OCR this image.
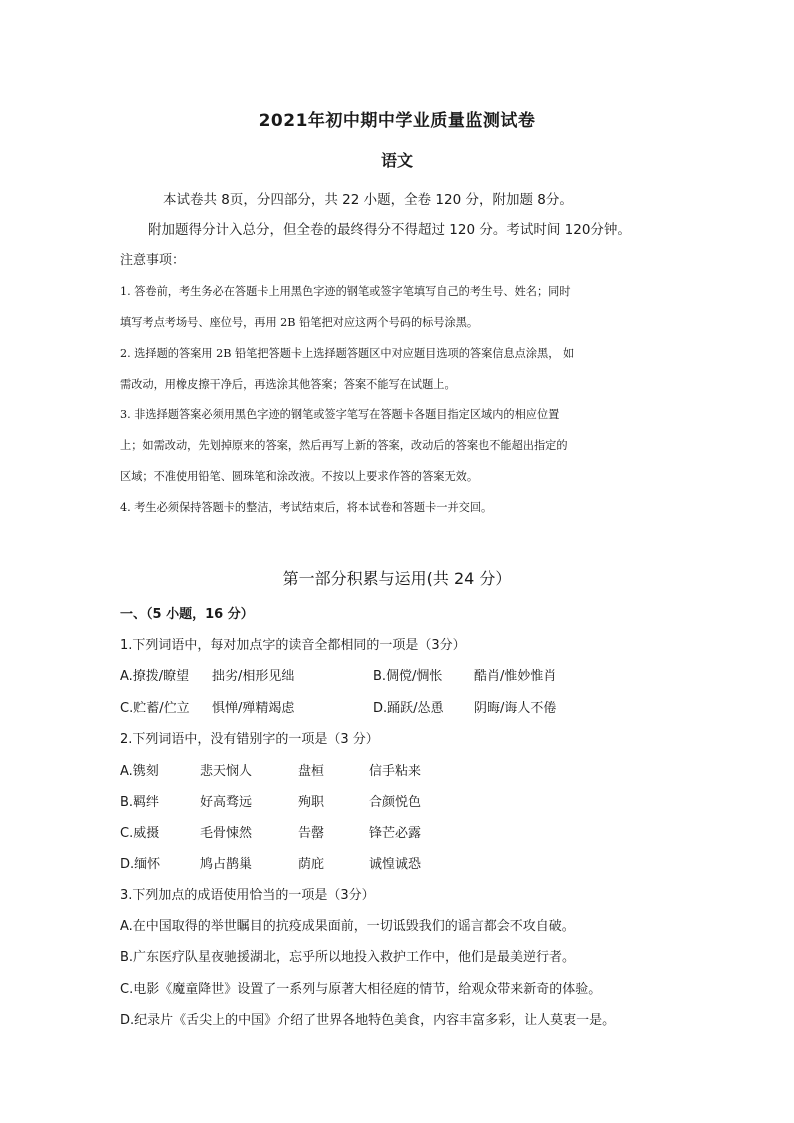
2021年初中期中学业质量监测试卷
语文
本试卷共 8页，分四部分，共 22 小题，全卷 120 分，附加题 8分。
附加题得分计入总分，但全卷的最终得分不得超过 120 分。考试时间 120分钟。
注意事项：
1. 答卷前，考生务必在答题卡上用黑色字迹的钢笔或签字笔填写自己的考生号、姓名；同时
填写考点考场号、座位号，再用 2B 铅笔把对应这两个号码的标号涂黑。
2. 选择题的答案用 2B 铅笔把答题卡上选择题答题区中对应题目选项的答案信息点涂黑， 如
需改动，用橡皮擦干净后，再选涂其他答案；答案不能写在试题上。
3. 非选择题答案必须用黑色字迹的钢笔或签字笔写在答题卡各题目指定区域内的相应位置
上；如需改动，先划掉原来的答案，然后再写上新的答案，改动后的答案也不能超出指定的
区域；不准使用铅笔、圆珠笔和涂改液。不按以上要求作答的答案无效。
4. 考生必须保持答题卡的整洁，考试结束后，将本试卷和答题卡一并交回。
第一部分积累与运用(共 24 分）
一、（5 小题，16 分）
1.下列词语中，每对加点字的读音全都相同的一项是（3分）
A.撩拨/瞭望 拙劣/相形见绌	B.倜傥/惆怅 酷肖/惟妙惟肖
C.贮蓄/伫立 惧惮/殚精竭虑	D.踊跃/怂恿 阴晦/诲人不倦
2.下列词语中，没有错别字的一项是（3 分）
A.镌刻	悲天悯人	盘桓	信手粘来
B.羁绊	好高骛远	殉职	合颜悦色
C.威摄	毛骨悚然	告罄	锋芒必露
D.缅怀	鸠占鹊巢	荫庇	诚惶诚恐
3.下列加点的成语使用恰当的一项是（3分）
A.在中国取得的举世瞩目的抗疫成果面前，一切诋毁我们的谣言都会不攻自破。
B.广东医疗队星夜驰援湖北，忘乎所以地投入救护工作中，他们是最美逆行者。
C.电影《魔童降世》设置了一系列与原著大相径庭的情节，给观众带来新奇的体验。
D.纪录片《舌尖上的中国》介绍了世界各地特色美食，内容丰富多彩，让人莫衷一是。
